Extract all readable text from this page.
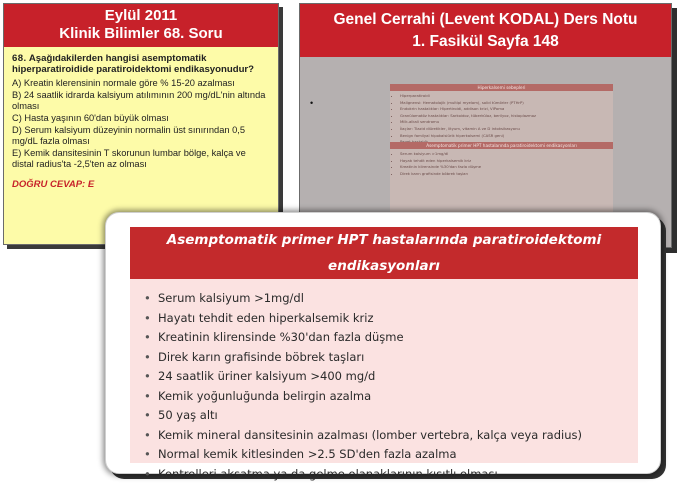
Eylül 2011
Klinik Bilimler 68. Soru
68. Aşağıdakilerden hangisi asemptomatik hiperparatiroidide paratiroidektomi endikasyonudur?
A) Kreatin klerensinin normale göre % 15-20 azalması
B) 24 saatlik idrarda kalsiyum atılımının 200 mg/dL'nin altında olması
C) Hasta yaşının 60'dan büyük olması
D) Serum kalsiyum düzeyinin normalin üst sınırından 0,5 mg/dL fazla olması
E) Kemik dansitesinin T skorunun lumbar bölge, kalça ve distal radius'ta -2,5'ten az olması
DOĞRU CEVAP: E
Genel Cerrahi (Levent KODAL) Ders Notu
1. Fasikül Sayfa 148
•
Hiperkalsemi sebepleri
• Hiperparatiroidi
• Malignensi: Hematolojik (multipl myelom), solid tümörler (PTHrP)
• Endokrin hastalıklar: Hipertiroidi, addison krizi, VIPoma
• Granülomatöz hastalıklar: Sarkoidoz, tüberküloz, berilyoz, histoplazmoz
• Milk-alkali sendromu
• İlaçlar: Tiazid diüretikler, lityum, vitamin A ve D intoksikasyonu
• Benign familyal hipokalsiürik hiperkalsemi (CASR geni)
•
•
Asemptomatik primer HPT hastalarında paratiroidektomi endikasyonları
• Serum kalsiyum >1mg/dl
• Hayatı tehdit eden hiperkalsemik kriz
• Kreatinin klirensinde %30'dan fazla düşme
• Direk karın grafisinde böbrek taşları
Asemptomatik primer HPT hastalarında paratiroidektomi endikasyonları
• Serum kalsiyum >1mg/dl
• Hayatı tehdit eden hiperkalsemik kriz
• Kreatinin klirensinde %30'dan fazla düşme
• Direk karın grafisinde böbrek taşları
• 24 saatlik üriner kalsiyum >400 mg/d
• Kemik yoğunluğunda belirgin azalma
• 50 yaş altı
• Kemik mineral dansitesinin azalması (lomber vertebra, kalça veya radius)
• Normal kemik kitlesinden >2.5 SD'den fazla azalma
• Kontrolleri aksatma ya da gelme olanaklarının kısıtlı olması
